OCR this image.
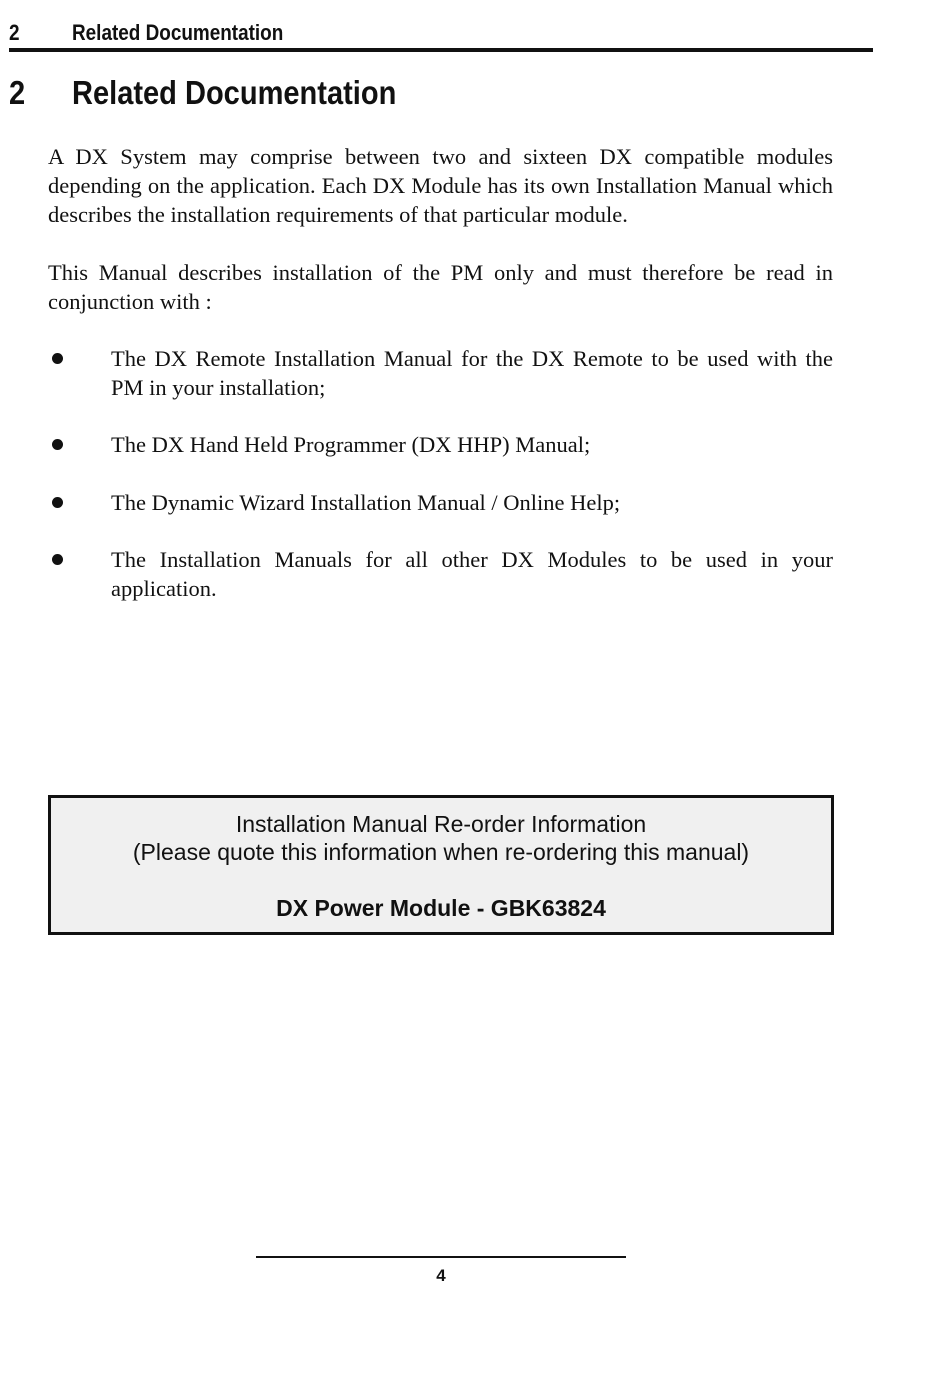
2 Related Documentation
2 Related Documentation

A DX System may comprise between two and sixteen DX compatible modules depending on the application. Each DX Module has its own Installation Manual which describes the installation requirements of that particular module.

This Manual describes installation of the PM only and must therefore be read in conjunction with :

The DX Remote Installation Manual for the DX Remote to be used with the PM in your installation;
The DX Hand Held Programmer (DX HHP) Manual;
The Dynamic Wizard Installation Manual / Online Help;
The Installation Manuals for all other DX Modules to be used in your application.
Installation Manual Re-order Information
(Please quote this information when re-ordering this manual)
DX Power Module - GBK63824
4
